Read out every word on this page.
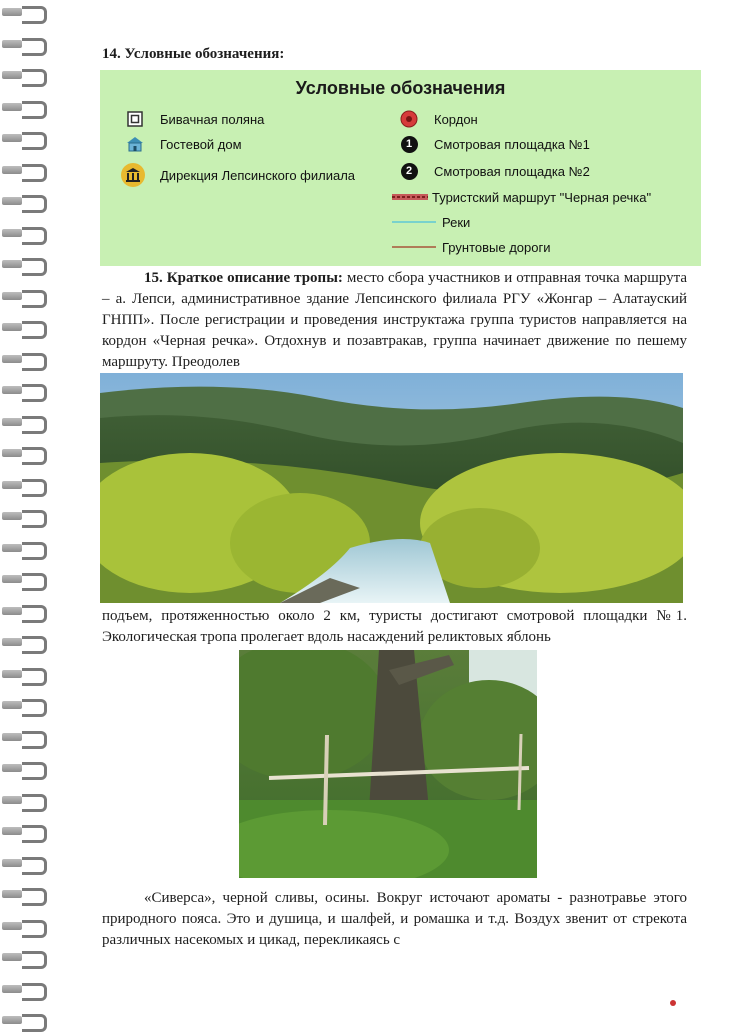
14. Условные обозначения:
Условные обозначения
Бивачная поляна
Гостевой дом
Дирекция Лепсинского филиала
Кордон
1	Смотровая площадка №1
2	Смотровая площадка №2
Туристский маршрут "Черная речка"
Реки
Грунтовые дороги
15. Краткое описание тропы: место сбора участников и отправная точка маршрута – а. Лепси, административное здание Лепсинского филиала РГУ «Жонгар – Алатауский ГНПП». После регистрации и проведения инструктажа группа туристов направляется на кордон «Черная речка». Отдохнув и позавтракав, группа начинает движение по пешему маршруту. Преодолев
подъем, протяженностью около 2 км, туристы достигают смотровой площадки №1. Экологическая тропа пролегает вдоль насаждений реликтовых яблонь
«Сиверса», черной сливы, осины. Вокруг источают ароматы - разнотравье этого природного пояса. Это и душица, и шалфей, и ромашка и т.д. Воздух звенит от стрекота различных насекомых и цикад, перекликаясь с
